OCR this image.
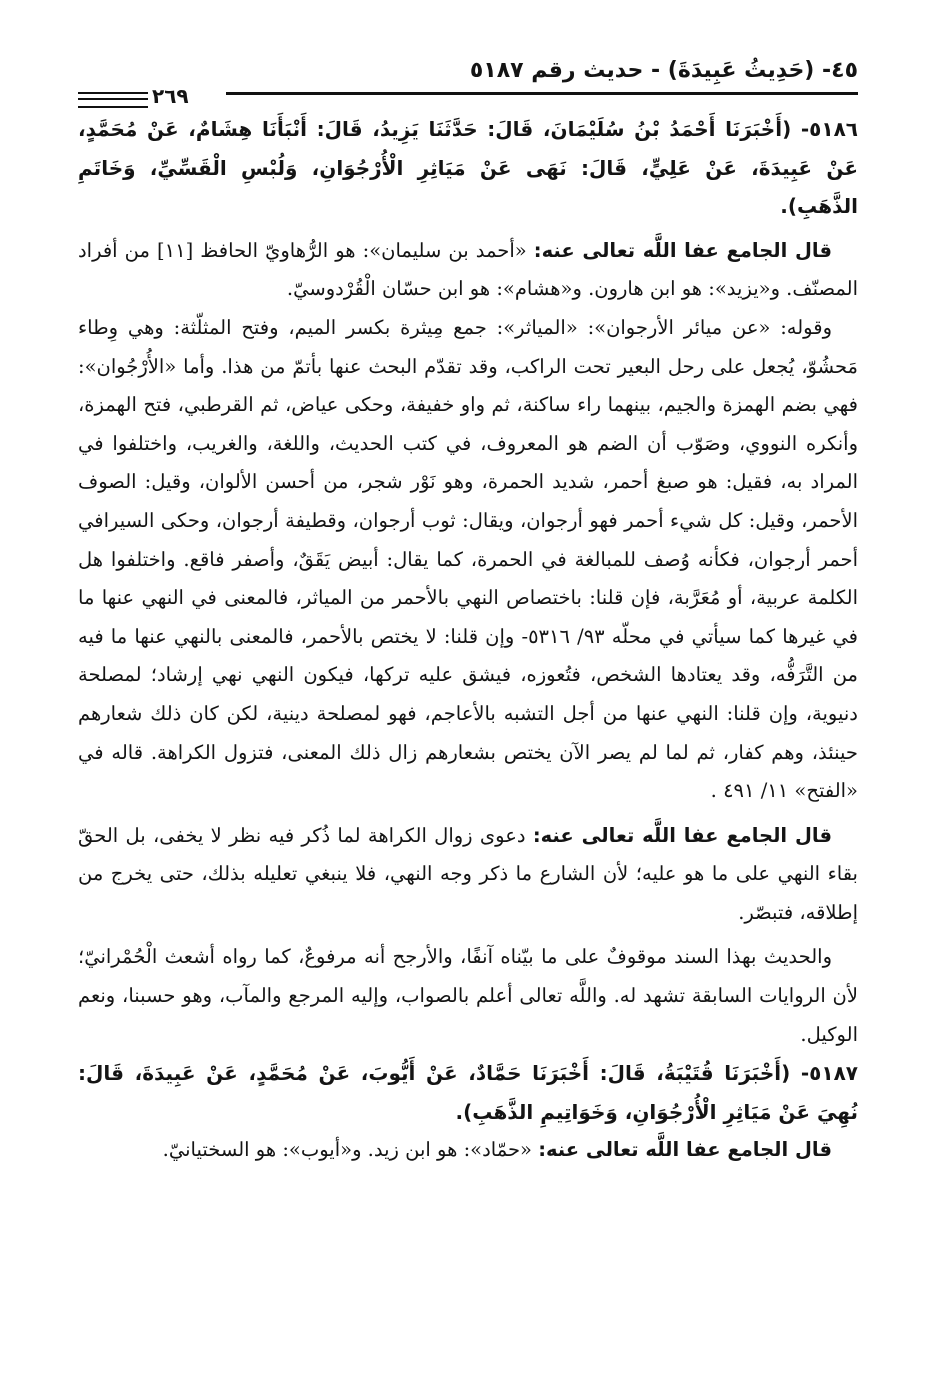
٤٥- (حَدِيثُ عَبِيدَةَ) - حديث رقم ٥١٨٧
٢٦٩

٥١٨٦- (أَخْبَرَنَا أَحْمَدُ بْنُ سُلَيْمَانَ، قَالَ: حَدَّثَنَا يَزِيدُ، قَالَ: أَنْبَأَنَا هِشَامٌ، عَنْ مُحَمَّدٍ، عَنْ عَبِيدَةَ، عَنْ عَلِيٍّ، قَالَ: نَهَى عَنْ مَيَاثِرِ الْأُرْجُوَانِ، وَلُبْسِ الْقَسِّيِّ، وَخَاتَمِ الذَّهَبِ).

قال الجامع عفا اللَّه تعالى عنه: «أحمد بن سليمان»: هو الرُّهاويّ الحافظ [١١] من أفراد المصنّف. و«يزيد»: هو ابن هارون. و«هشام»: هو ابن حسّان الْقُرْدوسيّ.

وقوله: «عن ميائر الأرجوان»: «المياثر»: جمع مِيثرة بكسر الميم، وفتح المثلّثة: وهي وِطاء مَحشُوّ، يُجعل على رحل البعير تحت الراكب، وقد تقدّم البحث عنها بأتمّ من هذا. وأما «الأُرْجُوان»: فهي بضم الهمزة والجيم، بينهما راء ساكنة، ثم واو خفيفة، وحكى عياض، ثم القرطبي، فتح الهمزة، وأنكره النووي، وصَوّب أن الضم هو المعروف، في كتب الحديث، واللغة، والغريب، واختلفوا في المراد به، فقيل: هو صبغ أحمر، شديد الحمرة، وهو نَوْر شجر، من أحسن الألوان، وقيل: الصوف الأحمر، وقيل: كل شيء أحمر فهو أرجوان، ويقال: ثوب أرجوان، وقطيفة أرجوان، وحكى السيرافي أحمر أرجوان، فكأنه وُصف للمبالغة في الحمرة، كما يقال: أبيض يَقَقٌ، وأصفر فاقع. واختلفوا هل الكلمة عربية، أو مُعَرَّبة، فإن قلنا: باختصاص النهي بالأحمر من المياثر، فالمعنى في النهي عنها ما في غيرها كما سيأتي في محلّه ٩٣/ ٥٣١٦- وإن قلنا: لا يختص بالأحمر، فالمعنى بالنهي عنها ما فيه من التَّرَفُّه، وقد يعتادها الشخص، فتُعوزه، فيشق عليه تركها، فيكون النهي نهي إرشاد؛ لمصلحة دنيوية، وإن قلنا: النهي عنها من أجل التشبه بالأعاجم، فهو لمصلحة دينية، لكن كان ذلك شعارهم حينئذ، وهم كفار، ثم لما لم يصر الآن يختص بشعارهم زال ذلك المعنى، فتزول الكراهة. قاله في «الفتح» ١١/ ٤٩١ .

قال الجامع عفا اللَّه تعالى عنه: دعوى زوال الكراهة لما ذُكر فيه نظر لا يخفى، بل الحقّ بقاء النهي على ما هو عليه؛ لأن الشارع ما ذكر وجه النهي، فلا ينبغي تعليله بذلك، حتى يخرج من إطلاقه، فتبصّر.

والحديث بهذا السند موقوفٌ على ما بيّناه آنفًا، والأرجح أنه مرفوعٌ، كما رواه أشعث الْحُمْرانيّ؛ لأن الروايات السابقة تشهد له. واللَّه تعالى أعلم بالصواب، وإليه المرجع والمآب، وهو حسبنا، ونعم الوكيل.

٥١٨٧- (أَخْبَرَنَا قُتَيْبَةُ، قَالَ: أَخْبَرَنَا حَمَّادٌ، عَنْ أَيُّوبَ، عَنْ مُحَمَّدٍ، عَنْ عَبِيدَةَ، قَالَ: نُهِيَ عَنْ مَيَاثِرِ الْأُرْجُوَانِ، وَخَوَاتِيمِ الذَّهَبِ).

قال الجامع عفا اللَّه تعالى عنه: «حمّاد»: هو ابن زيد. و«أيوب»: هو السختيانيّ.
